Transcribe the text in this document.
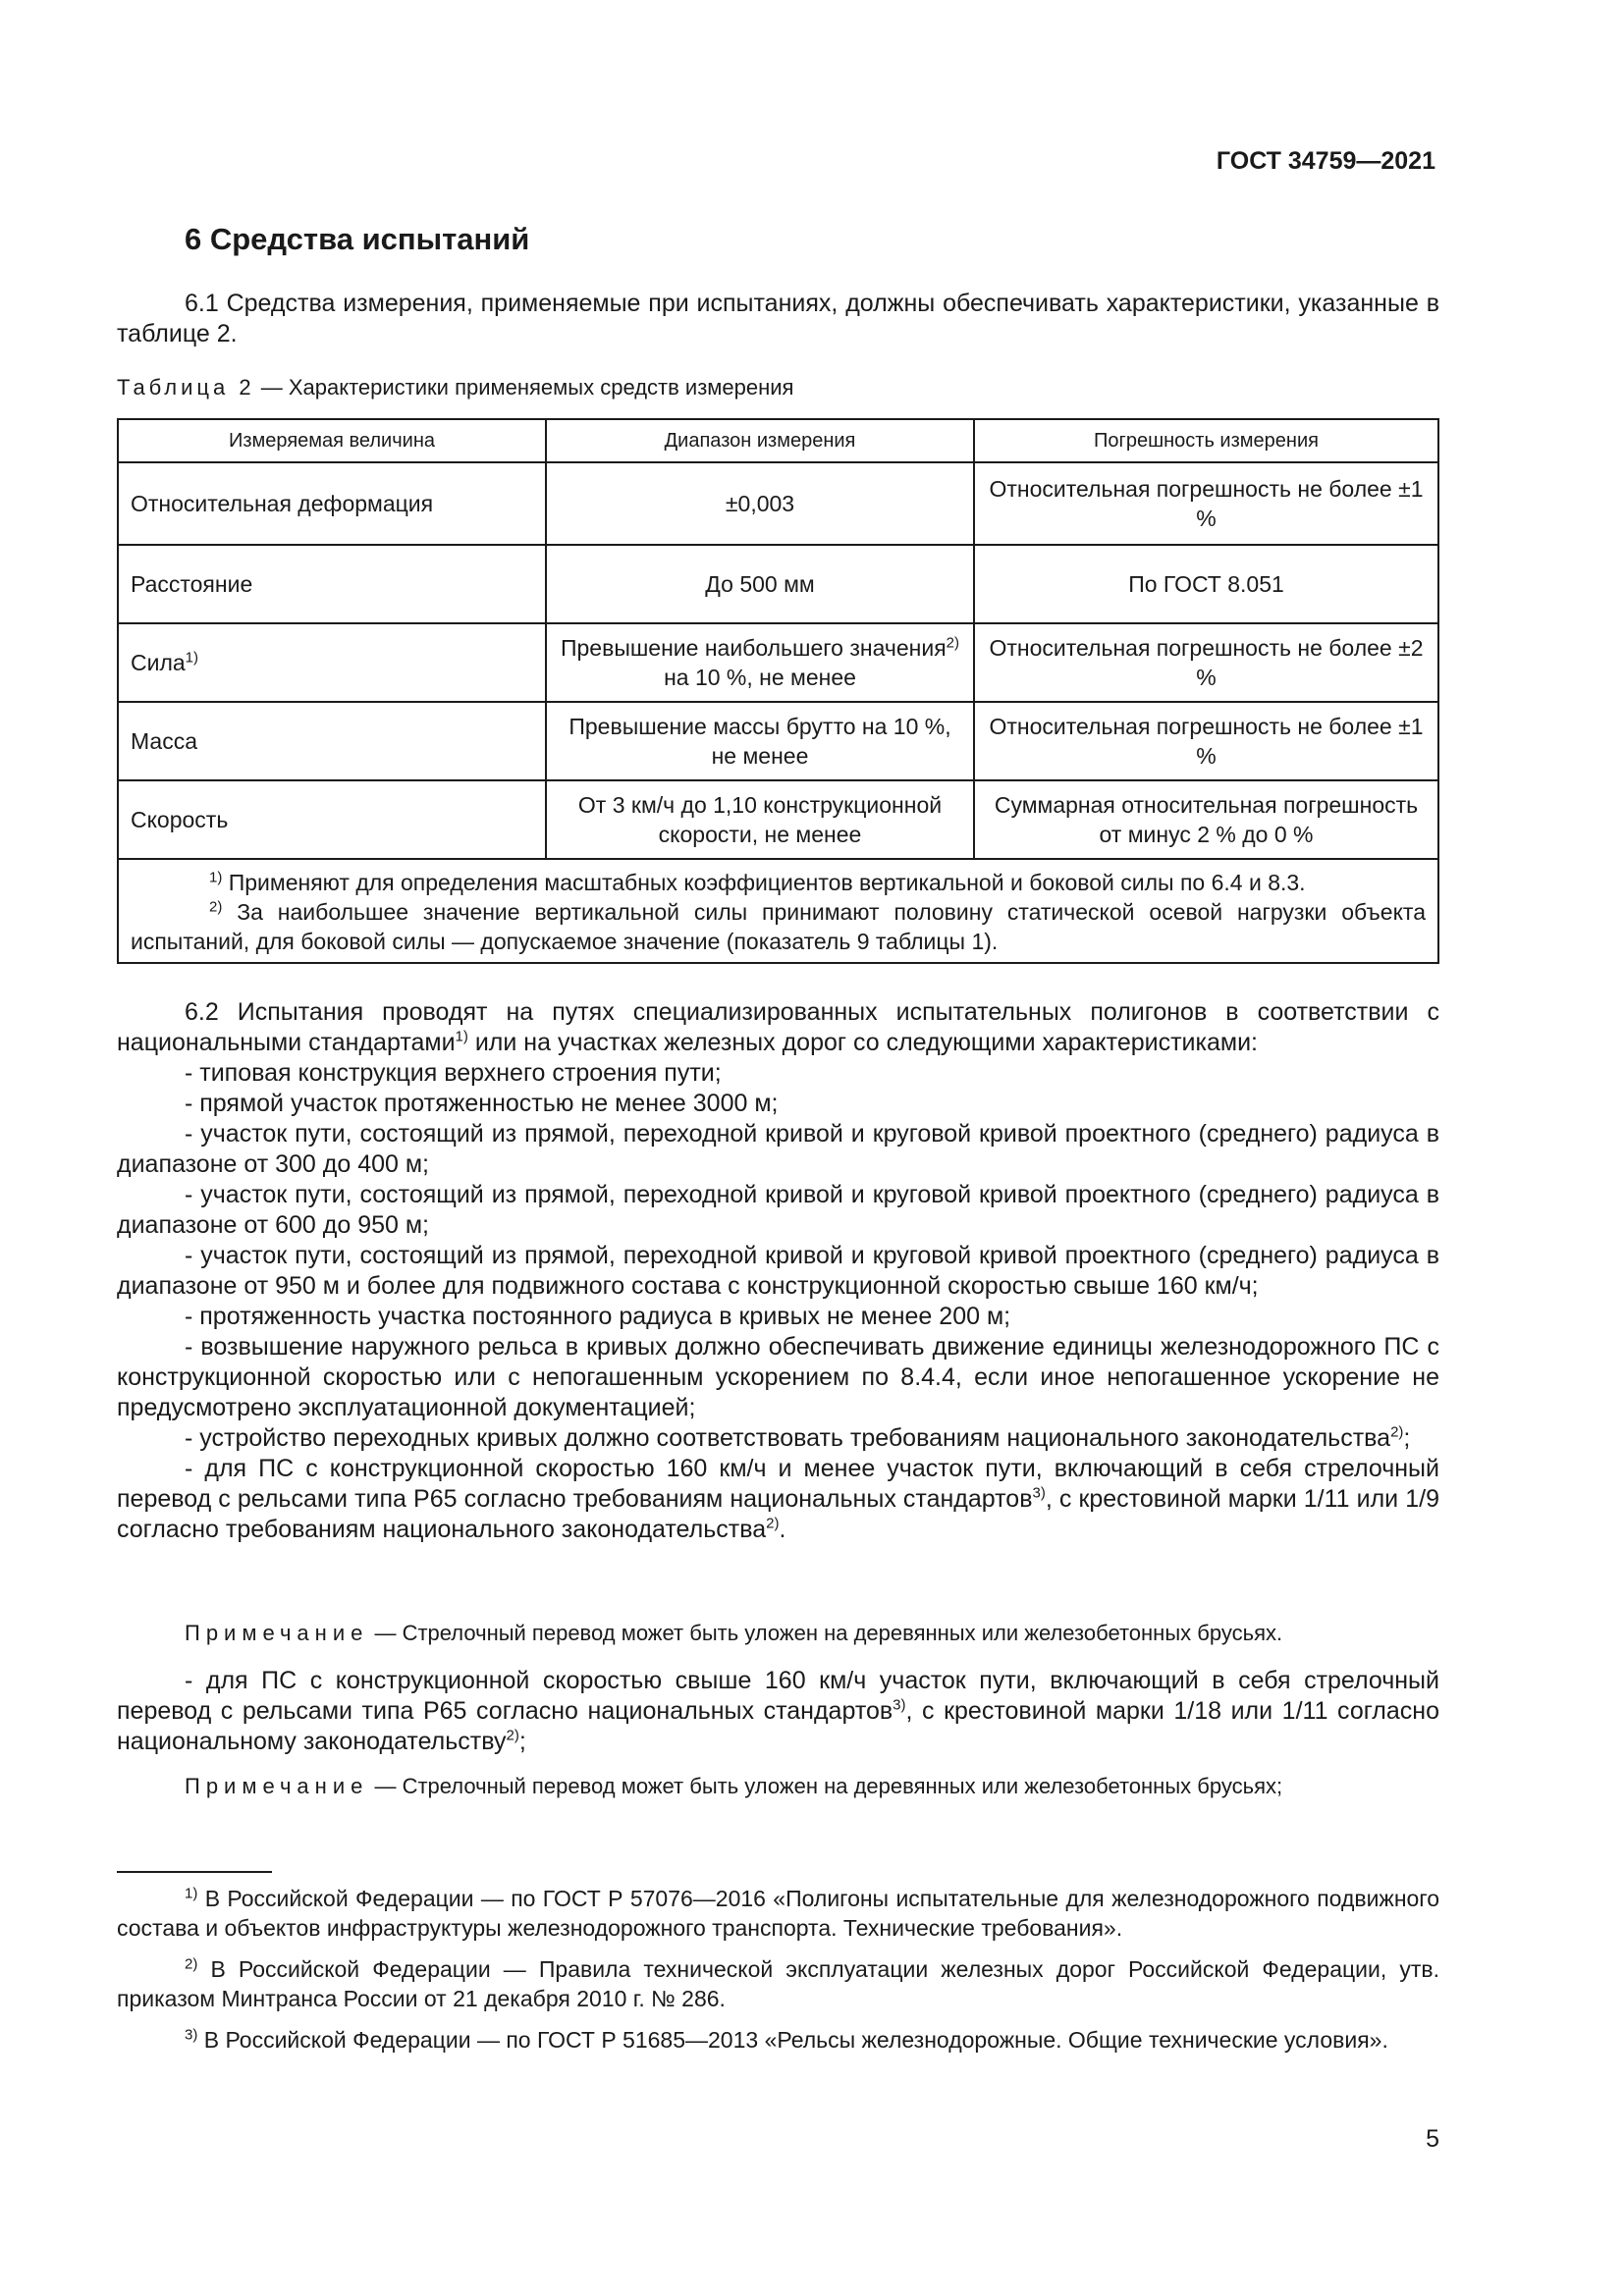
ГОСТ 34759—2021
6 Средства испытаний

6.1 Средства измерения, применяемые при испытаниях, должны обеспечивать характеристики, указанные в таблице 2.

Таблица 2 — Характеристики применяемых средств измерения

Измеряемая величина	Диапазон измерения	Погрешность измерения
Относительная деформация	±0,003	Относительная погрешность не более ±1 %
Расстояние	До 500 мм	По ГОСТ 8.051
Сила$^{1)}$	Превышение наибольшего значения$^{2)}$ на 10 %, не менее	Относительная погрешность не более ±2 %
Масса	Превышение массы брутто на 10 %, не менее	Относительная погрешность не более ±1 %
Скорость	От 3 км/ч до 1,10 конструкционной скорости, не менее	Суммарная относительная погрешность от минус 2 % до 0 %

$^{1)}$ Применяют для определения масштабных коэффициентов вертикальной и боковой силы по 6.4 и 8.3.
$^{2)}$ За наибольшее значение вертикальной силы принимают половину статической осевой нагрузки объекта испытаний, для боковой силы — допускаемое значение (показатель 9 таблицы 1).		

6.2 Испытания проводят на путях специализированных испытательных полигонов в соответствии с национальными стандартами$^{1)}$ или на участках железных дорог со следующими характеристиками:

- типовая конструкция верхнего строения пути;
- прямой участок протяженностью не менее 3000 м;
- участок пути, состоящий из прямой, переходной кривой и круговой кривой проектного (среднего) радиуса в диапазоне от 300 до 400 м;
- участок пути, состоящий из прямой, переходной кривой и круговой кривой проектного (среднего) радиуса в диапазоне от 600 до 950 м;
- участок пути, состоящий из прямой, переходной кривой и круговой кривой проектного (среднего) радиуса в диапазоне от 950 м и более для подвижного состава с конструкционной скоростью свыше 160 км/ч;
- протяженность участка постоянного радиуса в кривых не менее 200 м;
- возвышение наружного рельса в кривых должно обеспечивать движение единицы железнодорожного ПС с конструкционной скоростью или с непогашенным ускорением по 8.4.4, если иное непогашенное ускорение не предусмотрено эксплуатационной документацией;
- устройство переходных кривых должно соответствовать требованиям национального законодательства$^{2)}$;
- для ПС с конструкционной скоростью 160 км/ч и менее участок пути, включающий в себя стрелочный перевод с рельсами типа Р65 согласно требованиям национальных стандартов$^{3)}$, с крестовиной марки 1/11 или 1/9 согласно требованиям национального законодательства$^{2)}$.

Примечание — Стрелочный перевод может быть уложен на деревянных или железобетонных брусьях.

- для ПС с конструкционной скоростью свыше 160 км/ч участок пути, включающий в себя стрелочный перевод с рельсами типа Р65 согласно национальных стандартов$^{3)}$, с крестовиной марки 1/18 или 1/11 согласно национальному законодательству$^{2)}$;

Примечание — Стрелочный перевод может быть уложен на деревянных или железобетонных брусьях;

$^{1)}$ В Российской Федерации — по ГОСТ Р 57076—2016 «Полигоны испытательные для железнодорожного подвижного состава и объектов инфраструктуры железнодорожного транспорта. Технические требования».

$^{2)}$ В Российской Федерации — Правила технической эксплуатации железных дорог Российской Федерации, утв. приказом Минтранса России от 21 декабря 2010 г. № 286.

$^{3)}$ В Российской Федерации — по ГОСТ Р 51685—2013 «Рельсы железнодорожные. Общие технические условия».

5
